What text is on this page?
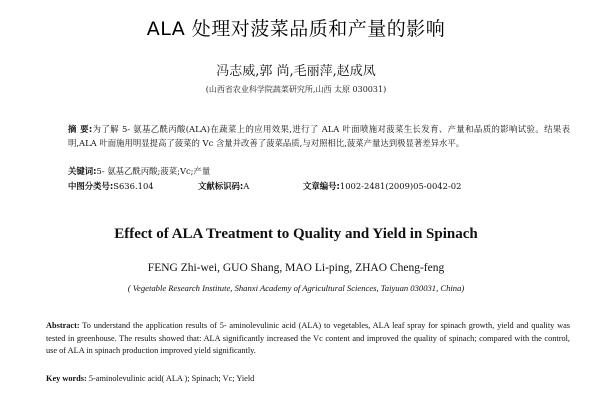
ALA 处理对菠菜品质和产量的影响
冯志威,郭 尚,毛丽萍,赵成凤
(山西省农业科学院蔬菜研究所,山西 太原 030031)
摘 要:为了解 5- 氨基乙酰丙酸(ALA)在蔬菜上的应用效果,进行了 ALA 叶面喷施对菠菜生长发育、产量和品质的影响试验。结果表明,ALA 叶面施用明显提高了菠菜的 Vc 含量并改善了菠菜品质,与对照相比,菠菜产量达到极显著差异水平。
关键词:5- 氨基乙酰丙酸;菠菜;Vc;产量
中图分类号:S636.104	文献标识码:A	文章编号:1002-2481(2009)05-0042-02
Effect of ALA Treatment to Quality and Yield in Spinach
FENG Zhi-wei, GUO Shang, MAO Li-ping, ZHAO Cheng-feng
( Vegetable Research Institute, Shanxi Academy of Agricultural Sciences, Taiyuan 030031, China)
Abstract: To understand the application results of 5- aminolevulinic acid (ALA) to vegetables, ALA leaf spray for spinach growth, yield and quality was tested in greenhouse. The results showed that: ALA significantly increased the Vc content and improved the quality of spinach; compared with the control, use of ALA in spinach production improved yield significantly.
Key words: 5-aminolevulinic acid( ALA ); Spinach; Vc; Yield
